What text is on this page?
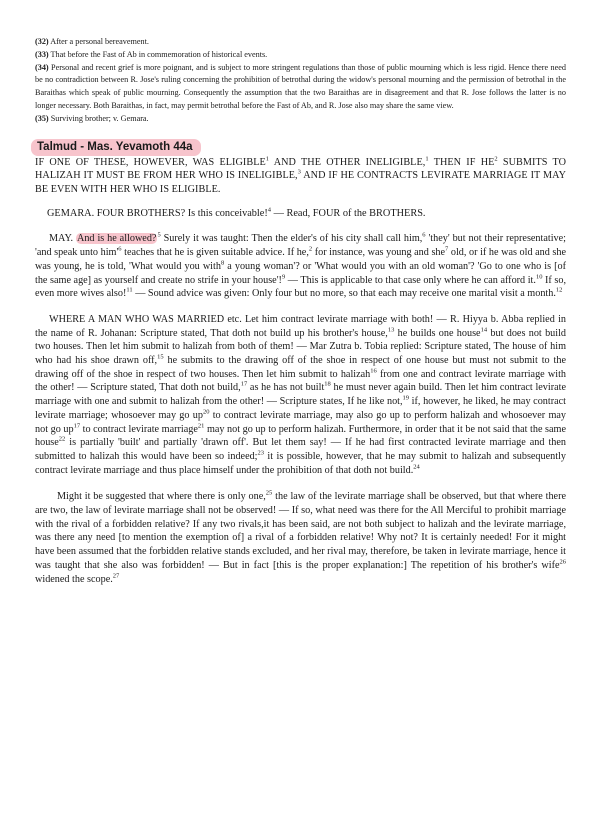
(32) After a personal bereavement.

(33) That before the Fast of Ab in commemoration of historical events.

(34) Personal and recent grief is more poignant, and is subject to more stringent regulations than those of public mourning which is less rigid. Hence there need be no contradiction between R. Jose's ruling concerning the prohibition of betrothal during the widow's personal mourning and the permission of betrothal in the Baraithas which speak of public mourning. Consequently the assumption that the two Baraithas are in disagreement and that R. Jose follows the latter is no longer necessary. Both Baraithas, in fact, may permit betrothal before the Fast of Ab, and R. Jose also may share the same view.

(35) Surviving brother; v. Gemara.

Talmud - Mas. Yevamoth 44a

IF ONE OF THESE, HOWEVER, WAS ELIGIBLE$^1$ AND THE OTHER INELIGIBLE,$^1$ THEN IF $HE^2$ SUBMITS TO HALIZAH IT MUST BE FROM HER WHO IS INELIGIBLE,$^3$ AND IF HE CONTRACTS LEVIRATE MARRIAGE IT MAY BE EVEN WITH HER WHO IS ELIGIBLE.

GEMARA. FOUR BROTHERS? Is this conceivable!$^4$ — Read, FOUR of the BROTHERS.

MAY. And is he allowed?$^5$ Surely it was taught: Then the elder's of his city shall call him,$^6$ 'they' but not their representative; 'and speak unto $him'^6$ teaches that he is given suitable advice. If he,$^2$ for instance, was young and she$^7$ old, or if he was old and she was young, he is told, 'What would you with$^8$ a young woman'? or 'What would you with an old woman'? 'Go to one who is [of the same age] as yourself and create no strife in your house'!$^9$ — This is applicable to that case only where he can afford it.$^{10}$ If so, even more wives also!$^{11}$ — Sound advice was given: Only four but no more, so that each may receive one marital visit a month.$^{12}$

WHERE A MAN WHO WAS MARRIED etc. Let him contract levirate marriage with both! — R. Hiyya b. Abba replied in the name of R. Johanan: Scripture stated, That doth not build up his brother's house,$^{13}$ he builds one house$^{14}$ but does not build two houses. Then let him submit to halizah from both of them! — Mar Zutra b. Tobia replied: Scripture stated, The house of him who had his shoe drawn off,$^{15}$ he submits to the drawing off of the shoe in respect of one house but must not submit to the drawing off of the shoe in respect of two houses. Then let him submit to halizah$^{16}$ from one and contract levirate marriage with the other! — Scripture stated, That doth not build,$^{17}$ as he has not built$^{18}$ he must never again build. Then let him contract levirate marriage with one and submit to halizah from the other! — Scripture states, If he like not,$^{19}$ if, however, he liked, he may contract levirate marriage; whosoever may go $up^{20}$ to contract levirate marriage, may also go up to perform halizah and whosoever may not go $up^{17}$ to contract levirate marriage$^{21}$ may not go up to perform halizah. Furthermore, in order that it be not said that the same house$^{22}$ is partially 'built' and partially 'drawn off'. But let them say! — If he had first contracted levirate marriage and then submitted to halizah this would have been so indeed;$^{23}$ it is possible, however, that he may submit to halizah and subsequently contract levirate marriage and thus place himself under the prohibition of that doth not build.$^{24}$

Might it be suggested that where there is only one,$^{25}$ the law of the levirate marriage shall be observed, but that where there are two, the law of levirate marriage shall not be observed! — If so, what need was there for the All Merciful to prohibit marriage with the rival of a forbidden relative? If any two rivals,it has been said, are not both subject to halizah and the levirate marriage, was there any need [to mention the exemption of] a rival of a forbidden relative! Why not? It is certainly needed! For it might have been assumed that the forbidden relative stands excluded, and her rival may, therefore, be taken in levirate marriage, hence it was taught that she also was forbidden! — But in fact [this is the proper explanation:] The repetition of his brother's wife$^{26}$ widened the scope.$^{27}$
